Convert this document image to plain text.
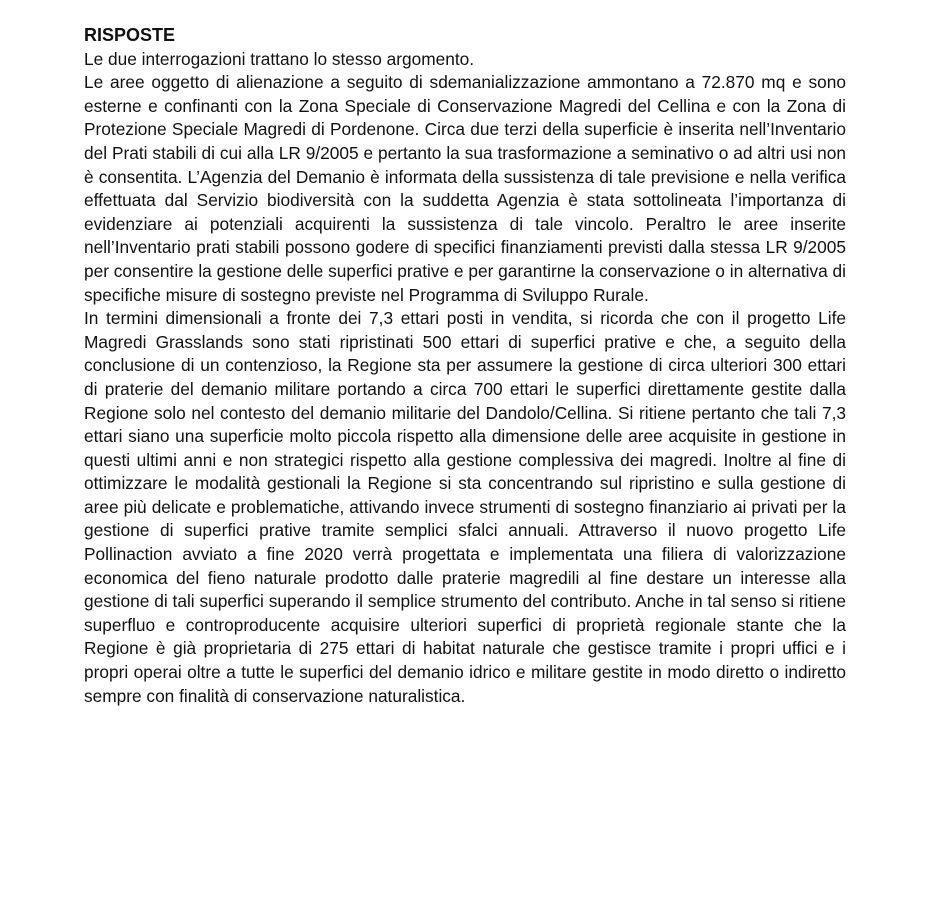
RISPOSTE

Le due interrogazioni trattano lo stesso argomento.

Le aree oggetto di alienazione a seguito di sdemanializzazione ammontano a 72.870 mq e sono esterne e confinanti con la Zona Speciale di Conservazione Magredi del Cellina e con la Zona di Protezione Speciale Magredi di Pordenone. Circa due terzi della superficie è inserita nell’Inventario del Prati stabili di cui alla LR 9/2005 e pertanto la sua trasformazione a seminativo o ad altri usi non è consentita. L’Agenzia del Demanio è informata della sussistenza di tale previsione e nella verifica effettuata dal Servizio biodiversità con la suddetta Agenzia è stata sottolineata l’importanza di evidenziare ai potenziali acquirenti la sussistenza di tale vincolo. Peraltro le aree inserite nell’Inventario prati stabili possono godere di specifici finanziamenti previsti dalla stessa LR 9/2005 per consentire la gestione delle superfici prative e per garantirne la conservazione o in alternativa di specifiche misure di sostegno previste nel Programma di Sviluppo Rurale.

In termini dimensionali a fronte dei 7,3 ettari posti in vendita, si ricorda che con il progetto Life Magredi Grasslands sono stati ripristinati 500 ettari di superfici prative e che, a seguito della conclusione di un contenzioso, la Regione sta per assumere la gestione di circa ulteriori 300 ettari di praterie del demanio militare portando a circa 700 ettari le superfici direttamente gestite dalla Regione solo nel contesto del demanio militarie del Dandolo/Cellina. Si ritiene pertanto che tali 7,3 ettari siano una superficie molto piccola rispetto alla dimensione delle aree acquisite in gestione in questi ultimi anni e non strategici rispetto alla gestione complessiva dei magredi. Inoltre al fine di ottimizzare le modalità gestionali la Regione si sta concentrando sul ripristino e sulla gestione di aree più delicate e problematiche, attivando invece strumenti di sostegno finanziario ai privati per la gestione di superfici prative tramite semplici sfalci annuali. Attraverso il nuovo progetto Life Pollinaction avviato a fine 2020 verrà progettata e implementata una filiera di valorizzazione economica del fieno naturale prodotto dalle praterie magredili al fine destare un interesse alla gestione di tali superfici superando il semplice strumento del contributo. Anche in tal senso si ritiene superfluo e controproducente acquisire ulteriori superfici di proprietà regionale stante che la Regione è già proprietaria di 275 ettari di habitat naturale che gestisce tramite i propri uffici e i propri operai oltre a tutte le superfici del demanio idrico e militare gestite in modo diretto o indiretto sempre con finalità di conservazione naturalistica.
